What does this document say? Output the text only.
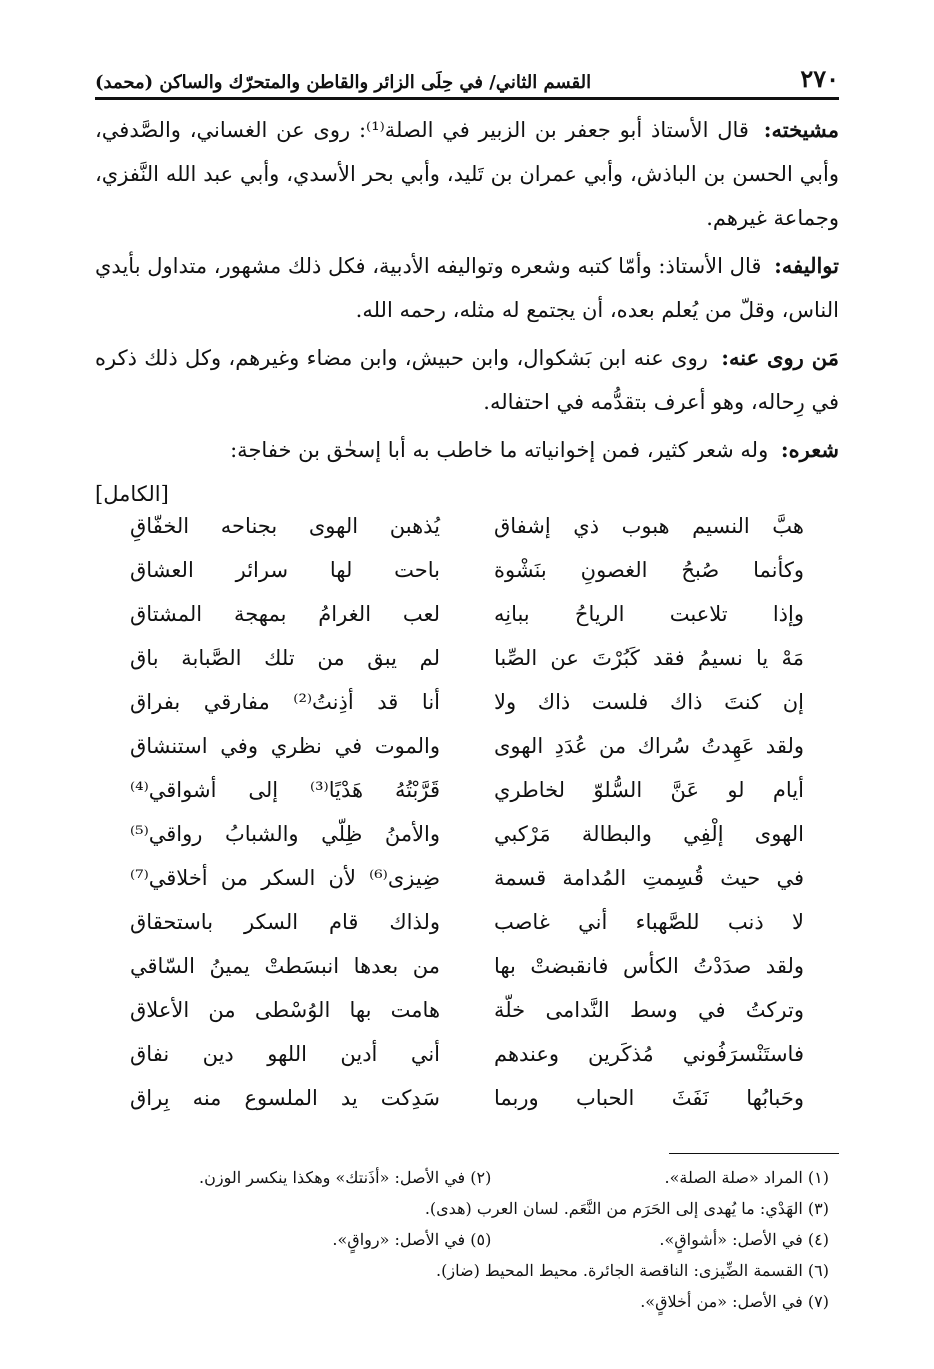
٢٧٠
القسم الثاني/ في حِلَى الزائر والقاطن والمتحرّك والساكن (محمد)

مشيخته: قال الأستاذ أبو جعفر بن الزبير في الصلة⁽¹⁾: روى عن الغساني، والصَّدفي، وأبي الحسن بن الباذش، وأبي عمران بن تَليد، وأبي بحر الأسدي، وأبي عبد الله النَّفزي، وجماعة غيرهم.

تواليفه: قال الأستاذ: وأمّا كتبه وشعره وتواليفه الأدبية، فكل ذلك مشهور، متداول بأيدي الناس، وقلّ من يُعلم بعده، أن يجتمع له مثله، رحمه الله.

مَن روى عنه: روى عنه ابن بَشكوال، وابن حبيش، وابن مضاء وغيرهم، وكل ذلك ذكره في رِحاله، وهو أعرف بتقدُّمه في احتفاله.

شعره: وله شعر كثير، فمن إخوانياته ما خاطب به أبا إسحٰق بن خفاجة:

[الكامل]

هبَّ النسيم هبوب ذي إشفاق
يُذهبن الهوى بجناحه الخفّاقِ
وكأنما صُبحُ الغصونِ بنَشْوة
باحت لها سرائر العشاق
وإذا تلاعبت الرياحُ ببانِه
لعب الغرامُ بمهجة المشتاق
مَهْ يا نسيمُ فقد كَبُرْتَ عن الصِّبا
لم يبق من تلك الصَّبابة باق
إن كنتَ ذاك فلست ذاك ولا
أنا قد أذِنتُ⁽²⁾ مفارقي بفراق
ولقد عَهِدتُ سُراك من عُدَدِ الهوى
والموت في نظري وفي استنشاق
أيام لو عَنَّ السُّلوّ لخاطري
قَرَّبْتُهُ هَدْيًا⁽³⁾ إلى أشواقي⁽⁴⁾
الهوى إلْفِي والبطالة مَرْكبي
والأمنُ ظِلّي والشبابُ رواقي⁽⁵⁾
في حيث قُسِمتِ المُدامة قسمة
ضِيزى⁽⁶⁾ لأن السكر من أخلاقي⁽⁷⁾
لا ذنب للصَّهباء أني غاصب
ولذاك قام السكر باستحقاق
ولقد صدَدْتُ الكأس فانقبضتْ بها
من بعدها انبسَطتْ يمينُ السّاقي
وتركتُ في وسط النَّدامى خلّة
هامت بها الوُسْطى من الأعلاق
فاستَنْسرَفُوني مُذكَرين وعندهم
أني أدين اللهو دين نفاق
وحَبابُها نَفَثَ الحباب وربما
سَدِكت يد الملسوع منه بِراق
(١) المراد «صلة الصلة».
(٢) في الأصل: «أذَنتك» وهكذا ينكسر الوزن.
(٣) الهَدْي: ما يُهدى إلى الحَرَم من النَّعَم. لسان العرب (هدى).
(٤) في الأصل: «أشواقٍ».
(٥) في الأصل: «رواقٍ».
(٦) القسمة الضِّيزى: الناقصة الجائرة. محيط المحيط (ضاز).
(٧) في الأصل: «من أخلاقٍ».
